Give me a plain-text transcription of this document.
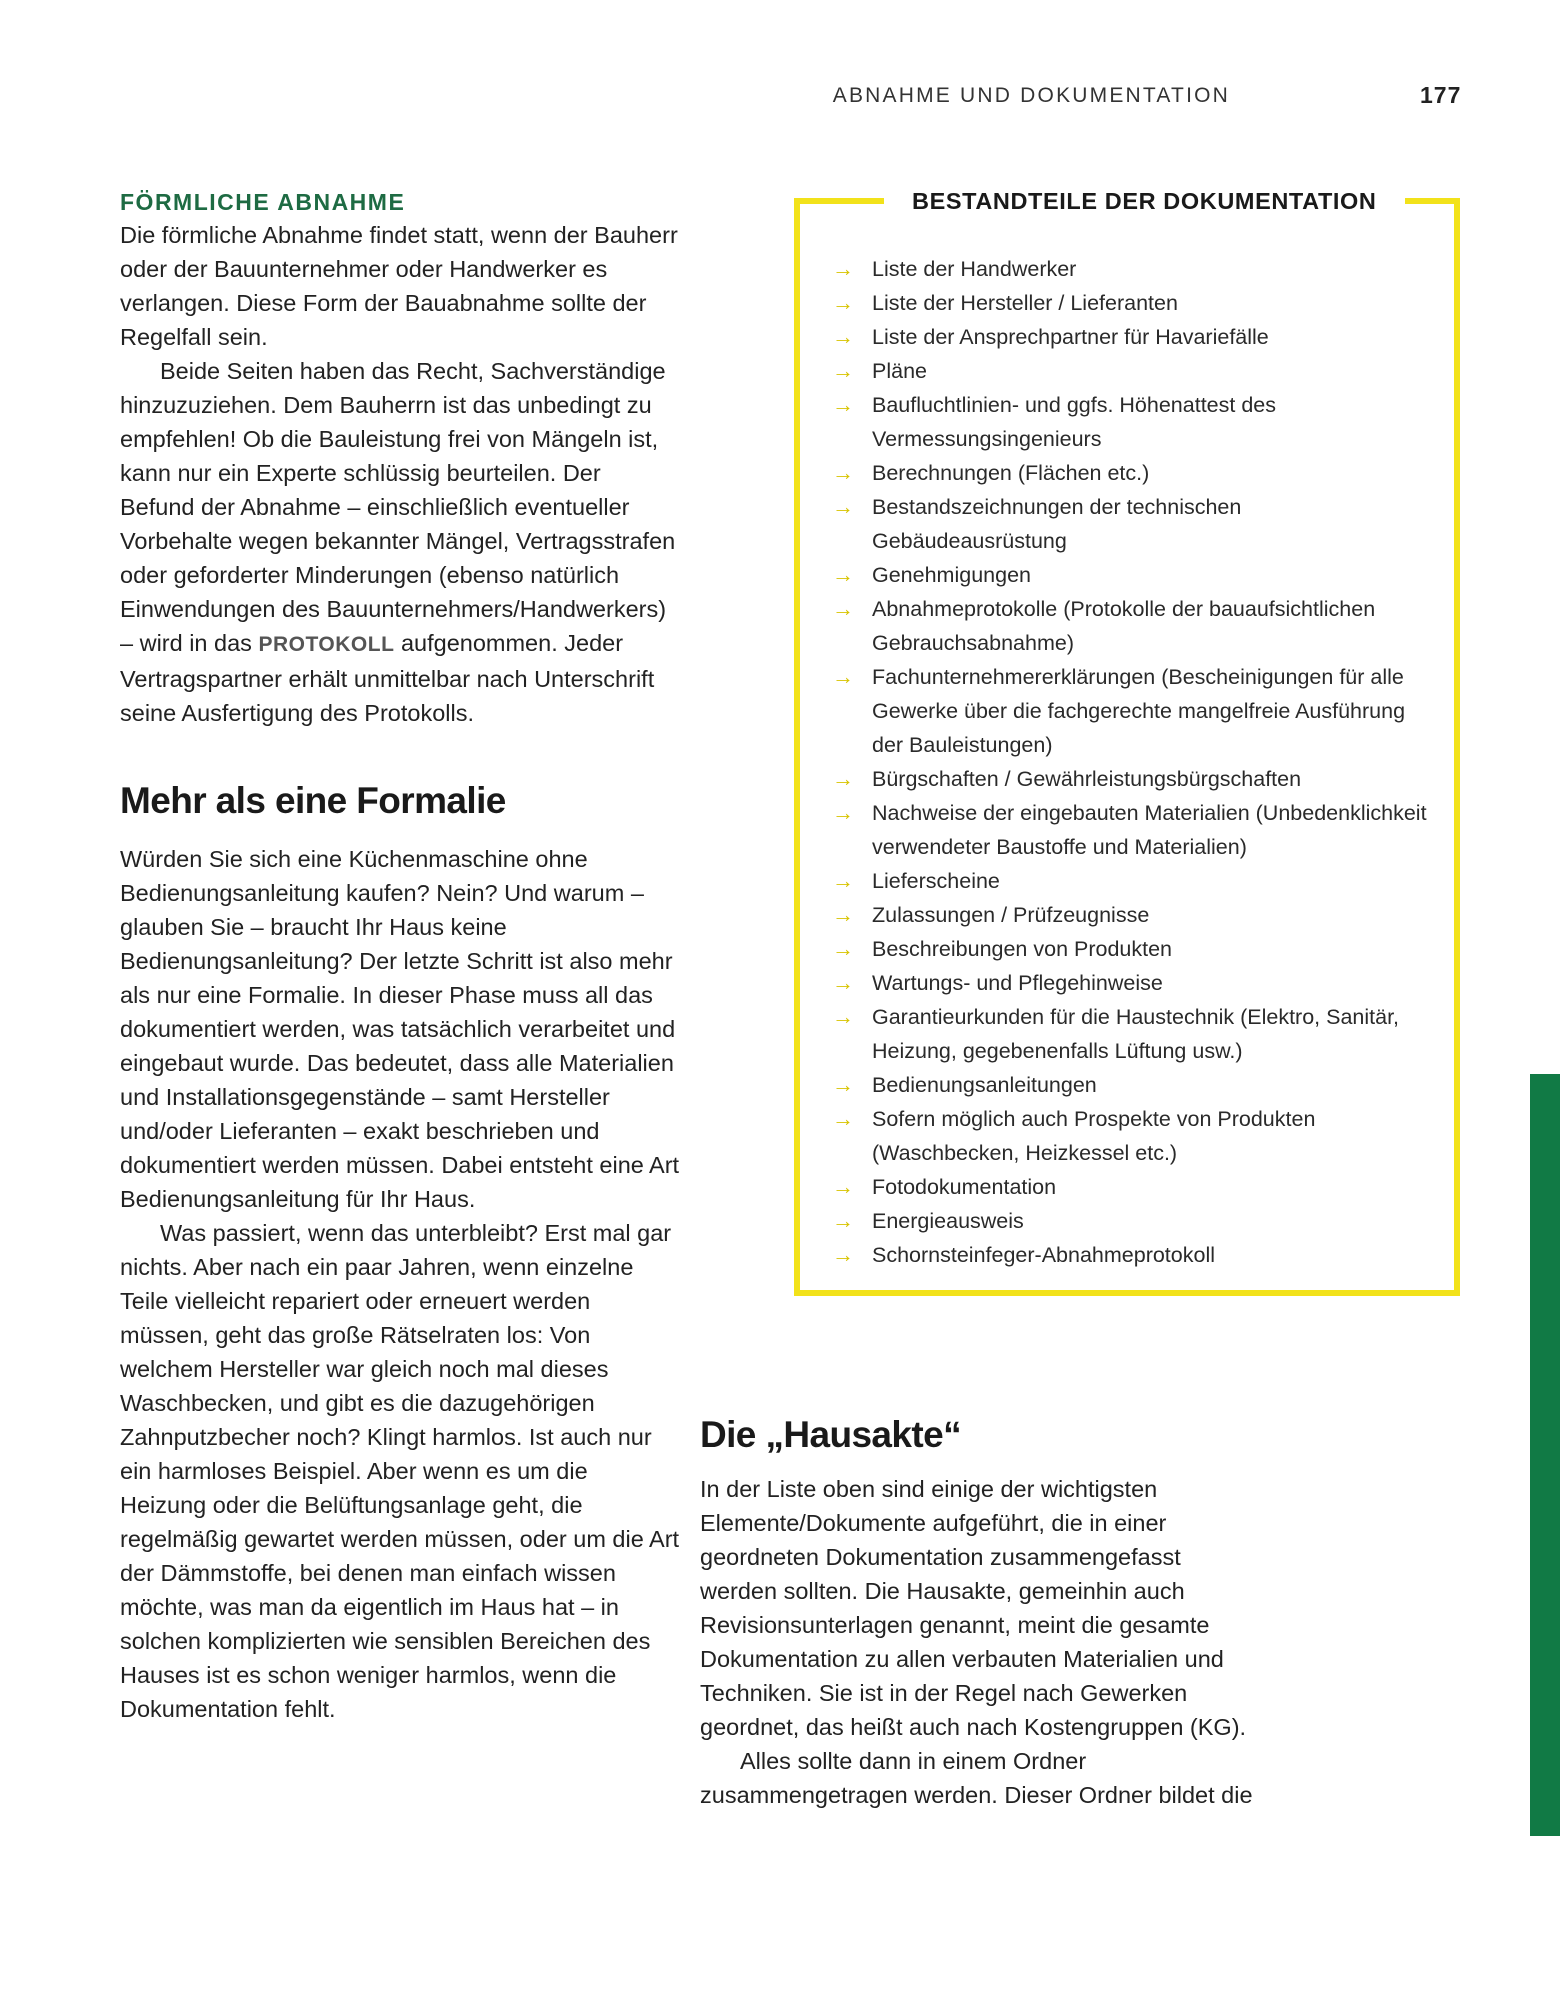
ABNAHME UND DOKUMENTATION	177
FÖRMLICHE ABNAHME

Die förmliche Abnahme findet statt, wenn der Bauherr oder der Bauunternehmer oder Handwerker es verlangen. Diese Form der Bauabnahme sollte der Regelfall sein.

Beide Seiten haben das Recht, Sachverständige hinzuzuziehen. Dem Bauherrn ist das unbedingt zu empfehlen! Ob die Bauleistung frei von Mängeln ist, kann nur ein Experte schlüssig beurteilen. Der Befund der Abnahme – einschließlich eventueller Vorbehalte wegen bekannter Mängel, Vertragsstrafen oder geforderter Minderungen (ebenso natürlich Einwendungen des Bauunternehmers/Handwerkers) – wird in das PROTOKOLL aufgenommen. Jeder Vertragspartner erhält unmittelbar nach Unterschrift seine Ausfertigung des Protokolls.

Mehr als eine Formalie

Würden Sie sich eine Küchenmaschine ohne Bedienungsanleitung kaufen? Nein? Und warum – glauben Sie – braucht Ihr Haus keine Bedienungsanleitung? Der letzte Schritt ist also mehr als nur eine Formalie. In dieser Phase muss all das dokumentiert werden, was tatsächlich verarbeitet und eingebaut wurde. Das bedeutet, dass alle Materialien und Installationsgegenstände – samt Hersteller und/oder Lieferanten – exakt beschrieben und dokumentiert werden müssen. Dabei entsteht eine Art Bedienungsanleitung für Ihr Haus.

Was passiert, wenn das unterbleibt? Erst mal gar nichts. Aber nach ein paar Jahren, wenn einzelne Teile vielleicht repariert oder erneuert werden müssen, geht das große Rätselraten los: Von welchem Hersteller war gleich noch mal dieses Waschbecken, und gibt es die dazugehörigen Zahnputzbecher noch? Klingt harmlos. Ist auch nur ein harmloses Beispiel. Aber wenn es um die Heizung oder die Belüftungsanlage geht, die regelmäßig gewartet werden müssen, oder um die Art der Dämmstoffe, bei denen man einfach wissen möchte, was man da eigentlich im Haus hat – in solchen komplizierten wie sensiblen Bereichen des Hauses ist es schon weniger harmlos, wenn die Dokumentation fehlt.

BESTANDTEILE DER DOKUMENTATION
→ Liste der Handwerker
→ Liste der Hersteller / Lieferanten
→ Liste der Ansprechpartner für Havariefälle
→ Pläne
→ Baufluchtlinien- und ggfs. Höhenattest des Vermessungsingenieurs
→ Berechnungen (Flächen etc.)
→ Bestandszeichnungen der technischen Gebäudeausrüstung
→ Genehmigungen
→ Abnahmeprotokolle (Protokolle der bauaufsichtlichen Gebrauchsabnahme)
→ Fachunternehmererklärungen (Bescheinigungen für alle Gewerke über die fachgerechte mangelfreie Ausführung der Bauleistungen)
→ Bürgschaften / Gewährleistungsbürgschaften
→ Nachweise der eingebauten Materialien (Unbedenklichkeit verwendeter Baustoffe und Materialien)
→ Lieferscheine
→ Zulassungen / Prüfzeugnisse
→ Beschreibungen von Produkten
→ Wartungs- und Pflegehinweise
→ Garantieurkunden für die Haustechnik (Elektro, Sanitär, Heizung, gegebenenfalls Lüftung usw.)
→ Bedienungsanleitungen
→ Sofern möglich auch Prospekte von Produkten (Waschbecken, Heizkessel etc.)
→ Fotodokumentation
→ Energieausweis
→ Schornsteinfeger-Abnahmeprotokoll
Die „Hausakte“

In der Liste oben sind einige der wichtigsten Elemente/Dokumente aufgeführt, die in einer geordneten Dokumentation zusammengefasst werden sollten. Die Hausakte, gemeinhin auch Revisionsunterlagen genannt, meint die gesamte Dokumentation zu allen verbauten Materialien und Techniken. Sie ist in der Regel nach Gewerken geordnet, das heißt auch nach Kostengruppen (KG).

Alles sollte dann in einem Ordner zusammengetragen werden. Dieser Ordner bildet die
